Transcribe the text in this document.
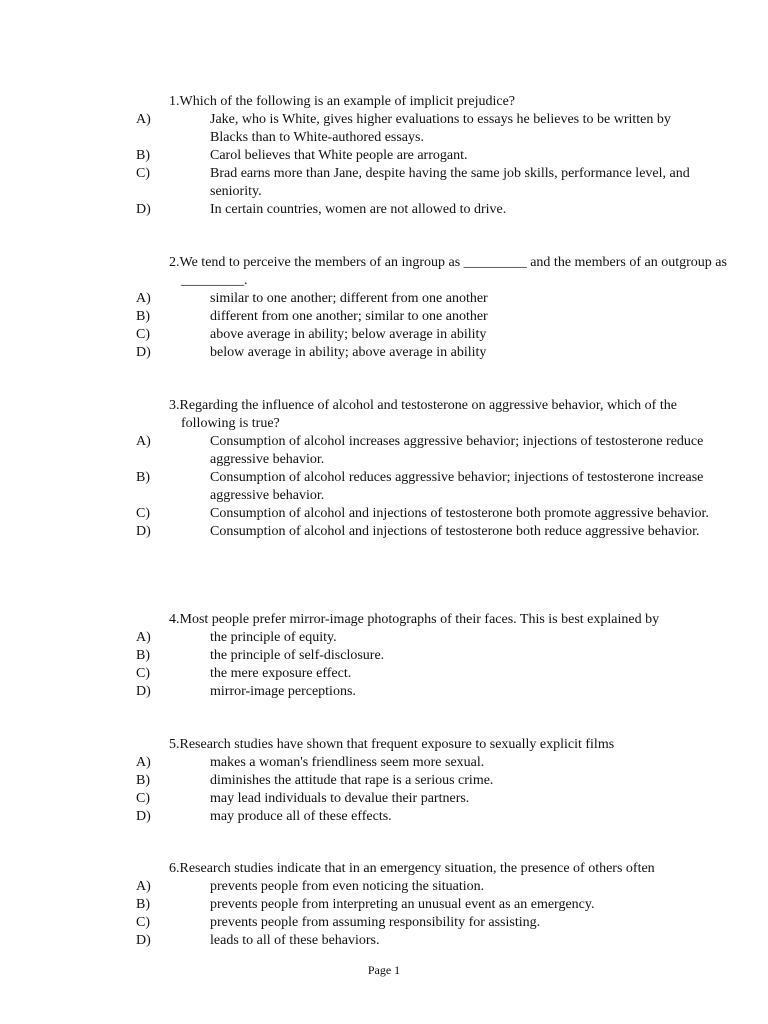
1.Which of the following is an example of implicit prejudice?
A)	Jake, who is White, gives higher evaluations to essays he believes to be written by Blacks than to White-authored essays.
B)	Carol believes that White people are arrogant.
C)	Brad earns more than Jane, despite having the same job skills, performance level, and seniority.
D)	In certain countries, women are not allowed to drive.
2.We tend to perceive the members of an ingroup as _________ and the members of an outgroup as _________.
A)	similar to one another; different from one another
B)	different from one another; similar to one another
C)	above average in ability; below average in ability
D)	below average in ability; above average in ability
3.Regarding the influence of alcohol and testosterone on aggressive behavior, which of the following is true?
A)	Consumption of alcohol increases aggressive behavior; injections of testosterone reduce aggressive behavior.
B)	Consumption of alcohol reduces aggressive behavior; injections of testosterone increase aggressive behavior.
C)	Consumption of alcohol and injections of testosterone both promote aggressive behavior.
D)	Consumption of alcohol and injections of testosterone both reduce aggressive behavior.
4.Most people prefer mirror-image photographs of their faces. This is best explained by
A)	the principle of equity.
B)	the principle of self-disclosure.
C)	the mere exposure effect.
D)	mirror-image perceptions.
5.Research studies have shown that frequent exposure to sexually explicit films
A)	makes a woman's friendliness seem more sexual.
B)	diminishes the attitude that rape is a serious crime.
C)	may lead individuals to devalue their partners.
D)	may produce all of these effects.
6.Research studies indicate that in an emergency situation, the presence of others often
A)	prevents people from even noticing the situation.
B)	prevents people from interpreting an unusual event as an emergency.
C)	prevents people from assuming responsibility for assisting.
D)	leads to all of these behaviors.
Page 1
